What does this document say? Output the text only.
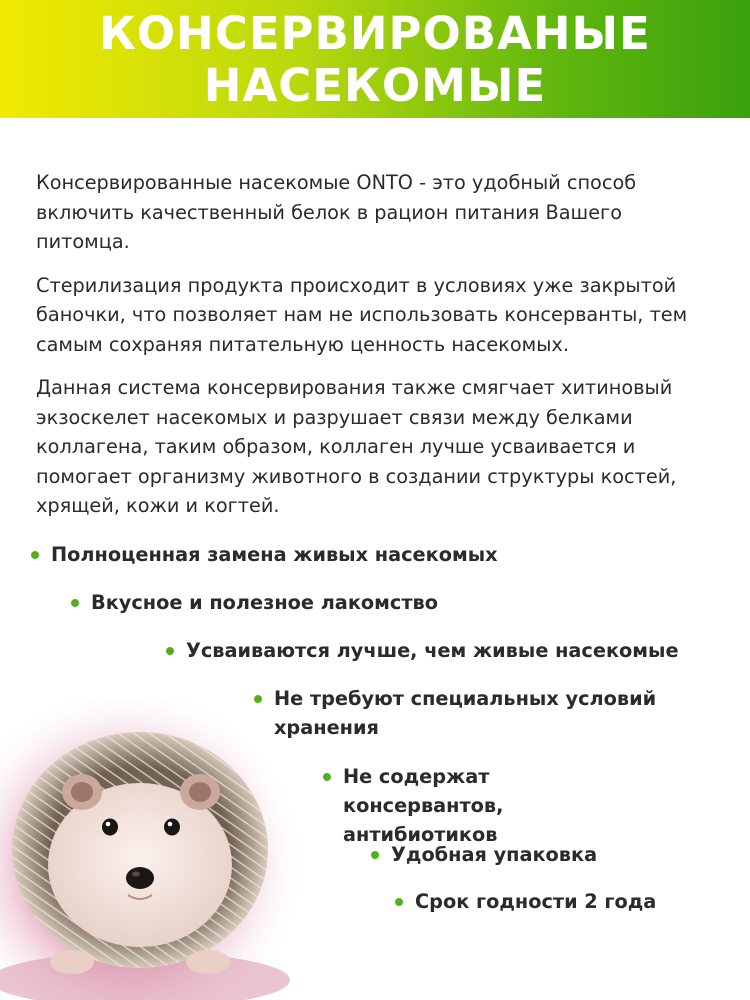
КОНСЕРВИРОВАНЫЕ
НАСЕКОМЫЕ

Консервированные насекомые ONTO - это удобный способ включить качественный белок в рацион питания Вашего питомца.

Стерилизация продукта происходит в условиях уже закрытой баночки, что позволяет нам не использовать консерванты, тем самым сохраняя питательную ценность насекомых.

Данная система консервирования также смягчает хитиновый экзоскелет насекомых и разрушает связи между белками коллагена, таким образом, коллаген лучше усваивается и помогает организму животного в создании структуры костей, хрящей, кожи и когтей.

Полноценная замена живых насекомых
Вкусное и полезное лакомство
Усваиваются лучше, чем живые насекомые
Не требуют специальных условий хранения
Не содержат консервантов, антибиотиков
Удобная упаковка
Срок годности 2 года
